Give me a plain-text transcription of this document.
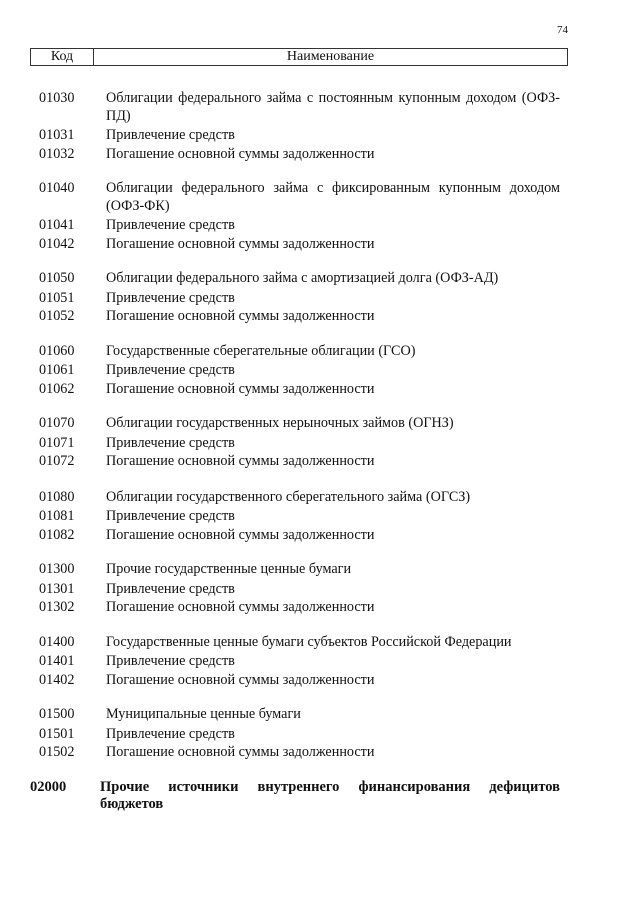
74
Код	Наименование
01030	Облигации федерального займа с постоянным купонным доходом (ОФЗ-ПД)
01031	Привлечение средств
01032	Погашение основной суммы задолженности
01040	Облигации федерального займа с фиксированным купонным доходом (ОФЗ-ФК)
01041	Привлечение средств
01042	Погашение основной суммы задолженности
01050	Облигации федерального займа с амортизацией долга (ОФЗ-АД)
01051	Привлечение средств
01052	Погашение основной суммы задолженности
01060	Государственные сберегательные облигации (ГСО)
01061	Привлечение средств
01062	Погашение основной суммы задолженности
01070	Облигации государственных нерыночных займов (ОГНЗ)
01071	Привлечение средств
01072	Погашение основной суммы задолженности
01080	Облигации государственного сберегательного займа (ОГСЗ)
01081	Привлечение средств
01082	Погашение основной суммы задолженности
01300	Прочие государственные ценные бумаги
01301	Привлечение средств
01302	Погашение основной суммы задолженности
01400	Государственные ценные бумаги субъектов Российской Федерации
01401	Привлечение средств
01402	Погашение основной суммы задолженности
01500	Муниципальные ценные бумаги
01501	Привлечение средств
01502	Погашение основной суммы задолженности
02000	Прочие источники внутреннего финансирования дефицитов бюджетов
